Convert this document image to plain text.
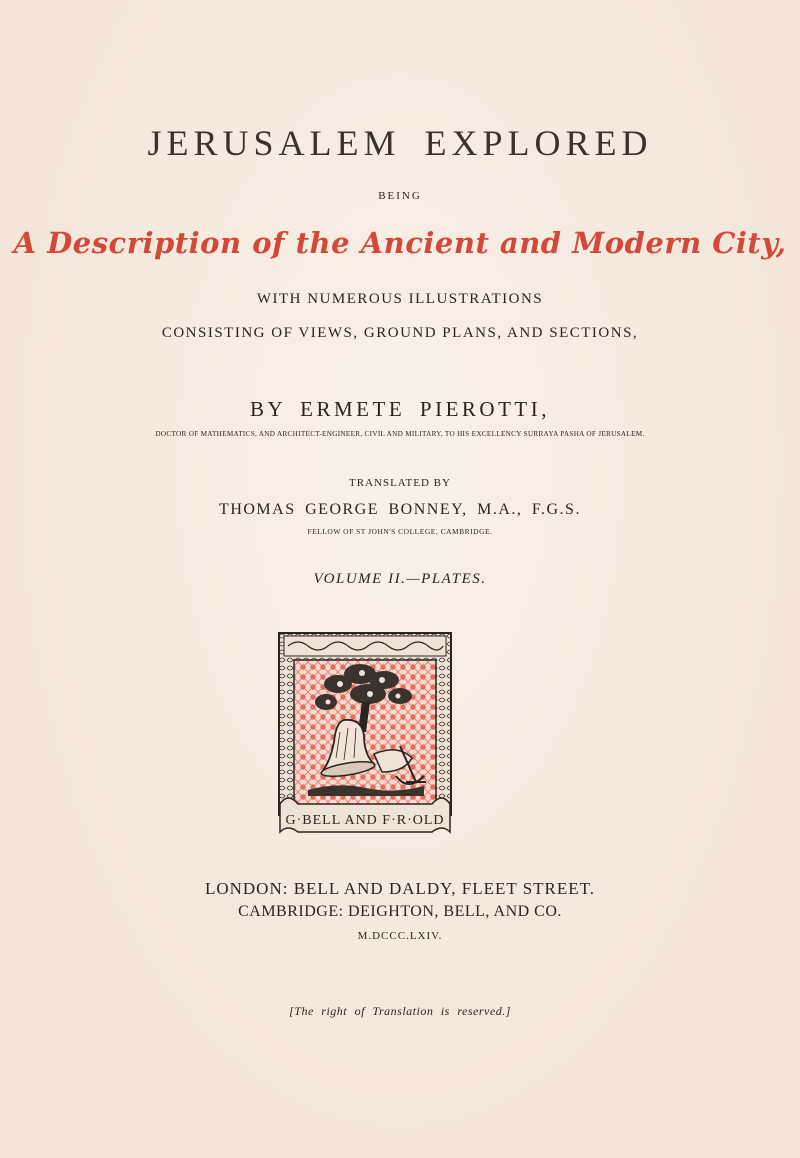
JERUSALEM EXPLORED
BEING
A Description of the Ancient and Modern City,
WITH NUMEROUS ILLUSTRATIONS
CONSISTING OF VIEWS, GROUND PLANS, AND SECTIONS,
BY ERMETE PIEROTTI,
DOCTOR OF MATHEMATICS, AND ARCHITECT-ENGINEER, CIVIL AND MILITARY, TO HIS EXCELLENCY SURRAYA PASHA OF JERUSALEM.
TRANSLATED BY
THOMAS GEORGE BONNEY, M.A., F.G.S.
FELLOW OF ST JOHN'S COLLEGE, CAMBRIDGE.
VOLUME II.—PLATES.
G·BELL AND F·R·OLD
LONDON: BELL AND DALDY, FLEET STREET.
CAMBRIDGE: DEIGHTON, BELL, AND CO.
M.DCCC.LXIV.
[The right of Translation is reserved.]
